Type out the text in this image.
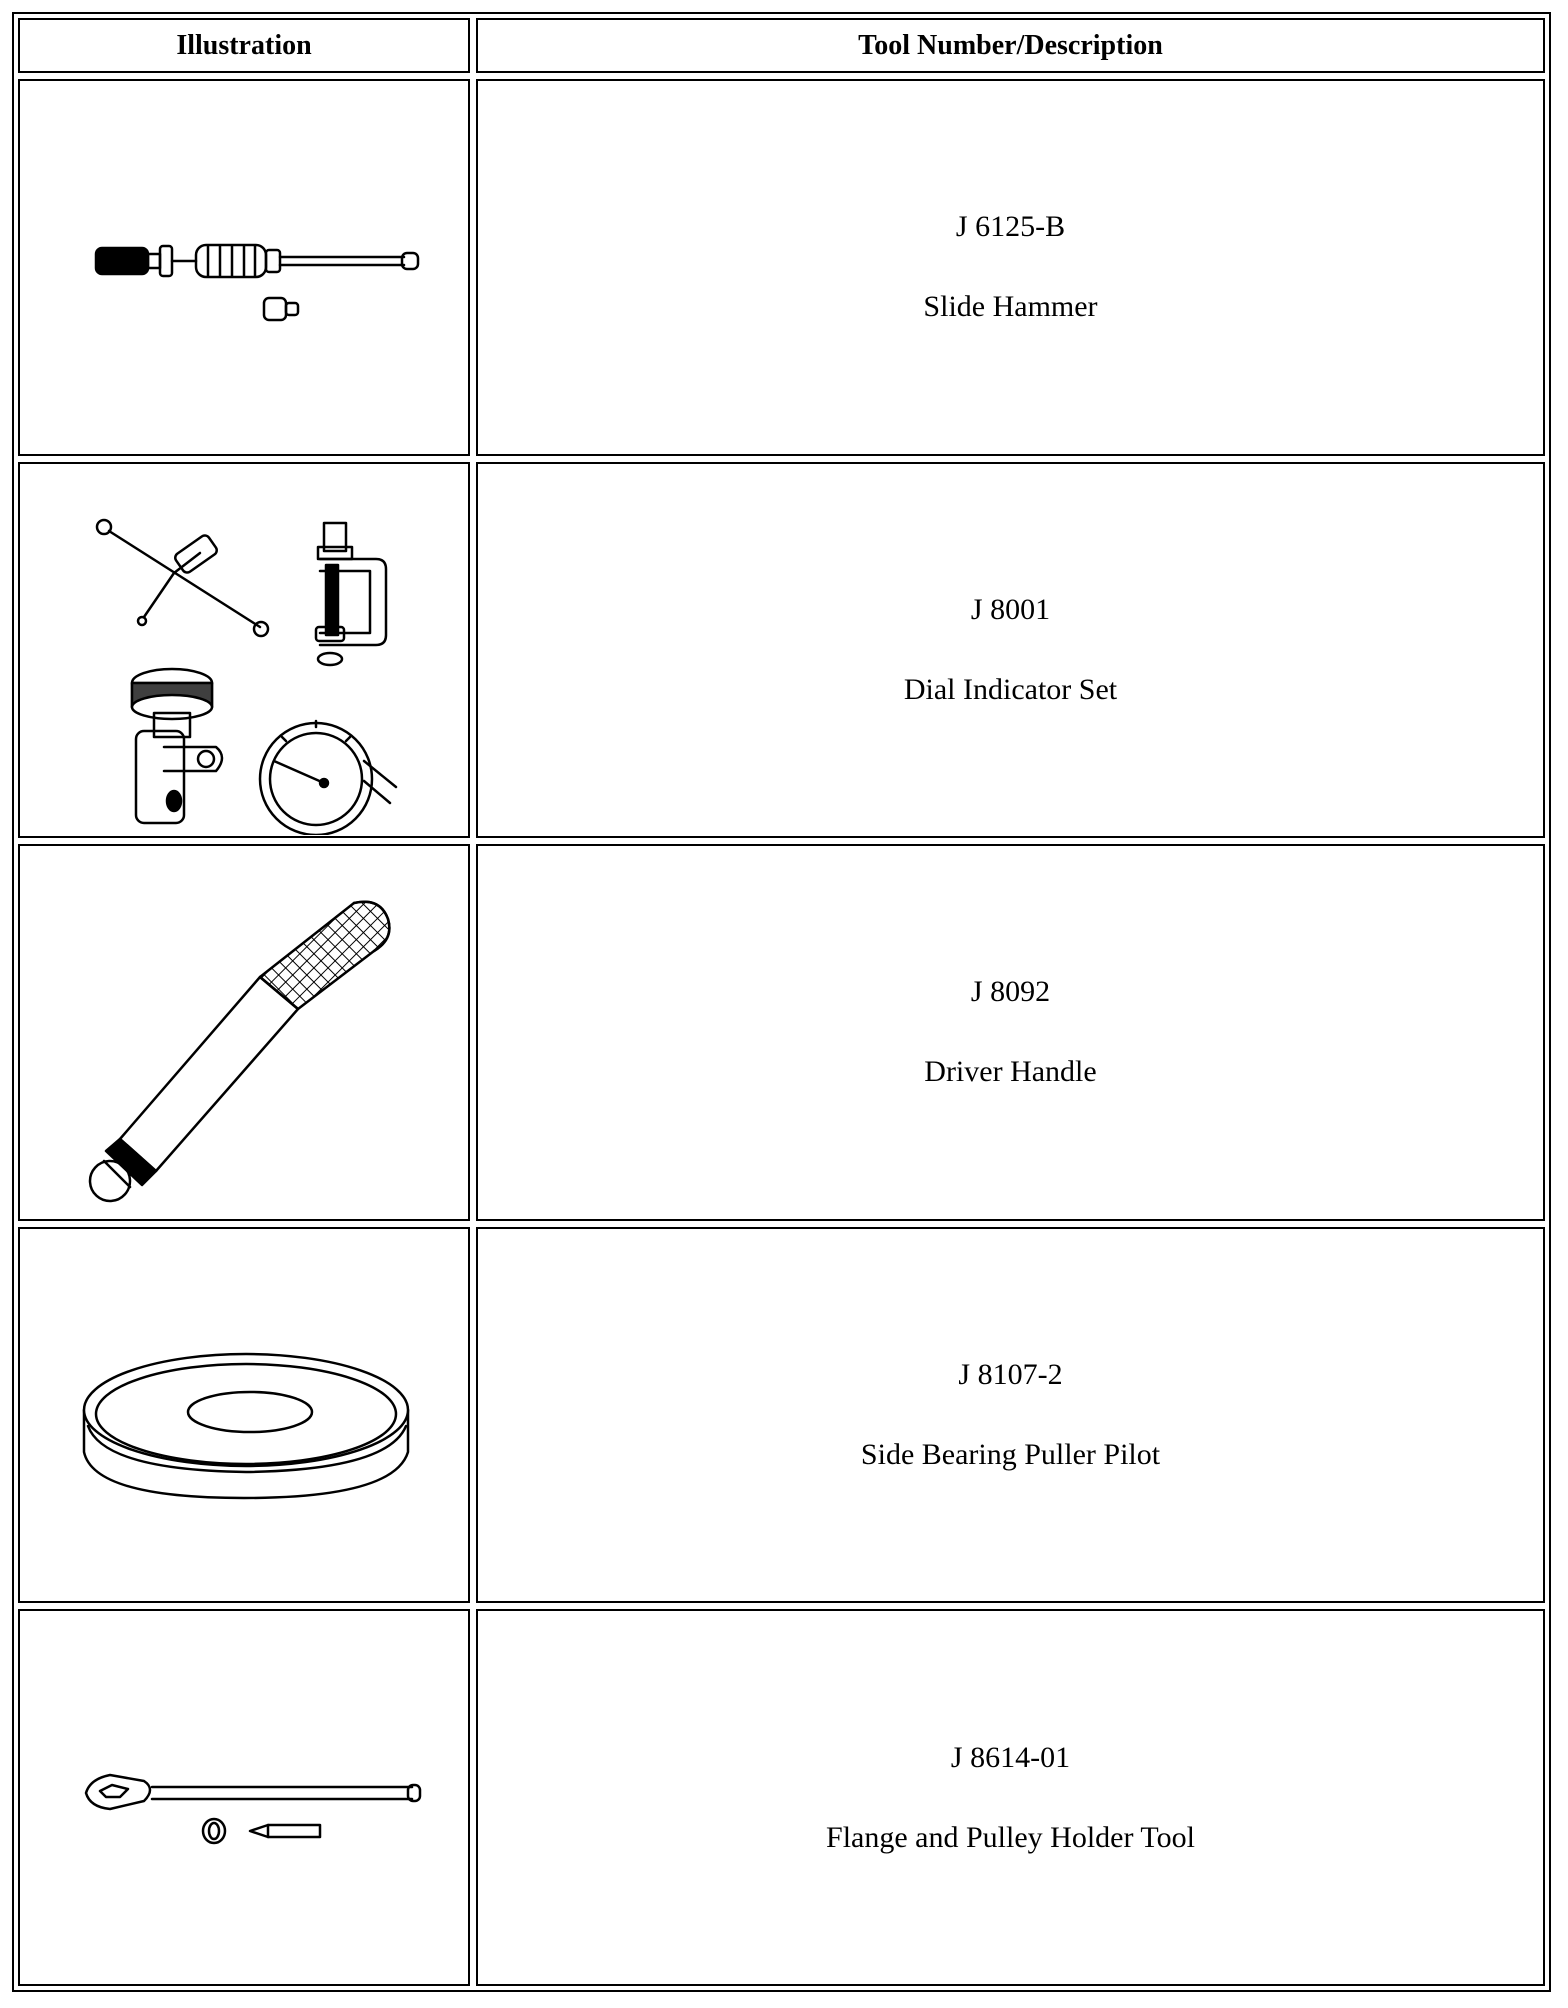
Illustration	Tool Number/Description
J 6125-B
Slide Hammer
J 8001
Dial Indicator Set
J 8092
Driver Handle
J 8107-2
Side Bearing Puller Pilot
J 8614-01
Flange and Pulley Holder Tool
